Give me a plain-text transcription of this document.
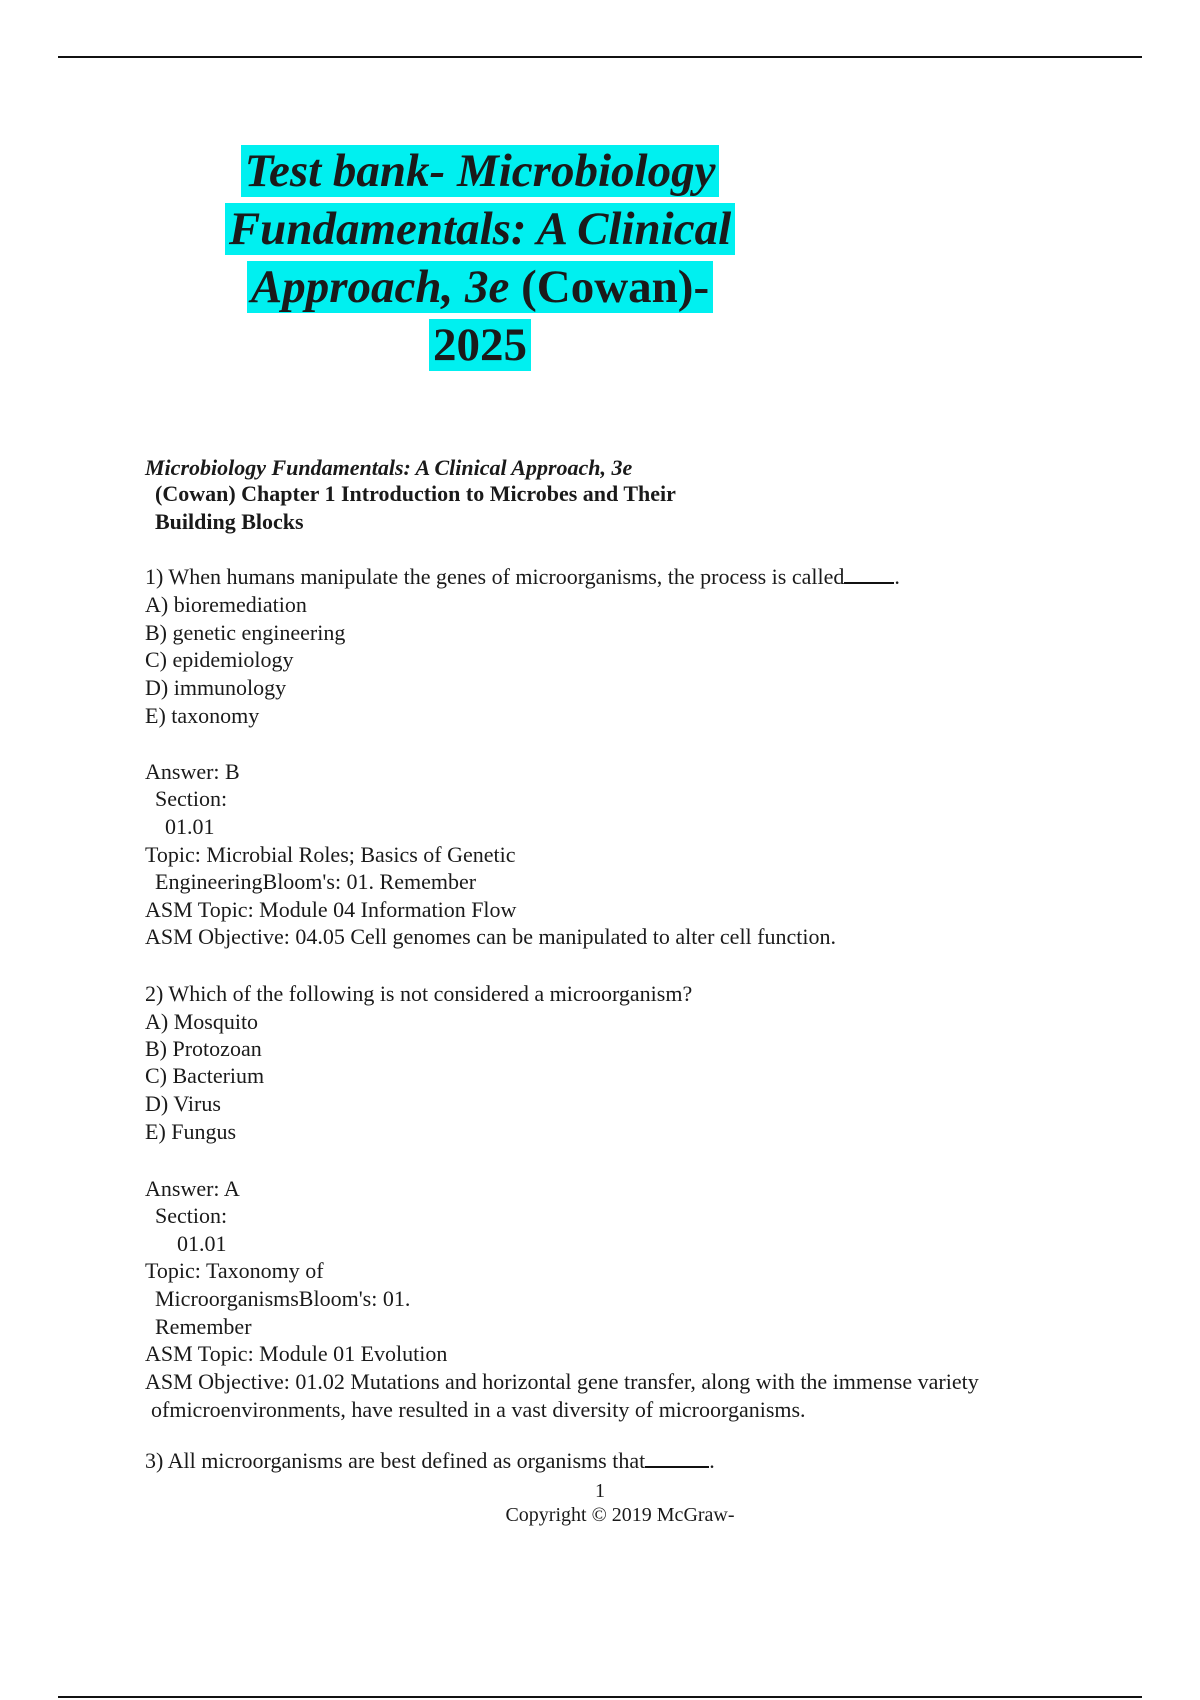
Test bank- Microbiology
Fundamentals: A Clinical
Approach, 3e (Cowan)-
2025
Microbiology Fundamentals: A Clinical Approach, 3e
(Cowan) Chapter 1 Introduction to Microbes and Their
Building Blocks
1) When humans manipulate the genes of microorganisms, the process is called .
A) bioremediation
B) genetic engineering
C) epidemiology
D) immunology
E) taxonomy
Answer: B
Section:
01.01
Topic: Microbial Roles; Basics of Genetic
EngineeringBloom's: 01. Remember
ASM Topic: Module 04 Information Flow
ASM Objective: 04.05 Cell genomes can be manipulated to alter cell function.
2) Which of the following is not considered a microorganism?
A) Mosquito
B) Protozoan
C) Bacterium
D) Virus
E) Fungus
Answer: A
Section:
01.01
Topic: Taxonomy of
MicroorganismsBloom's: 01.
Remember
ASM Topic: Module 01 Evolution
ASM Objective: 01.02 Mutations and horizontal gene transfer, along with the immense variety
ofmicroenvironments, have resulted in a vast diversity of microorganisms.
3) All microorganisms are best defined as organisms that	.
1
Copyright © 2019 McGraw-
